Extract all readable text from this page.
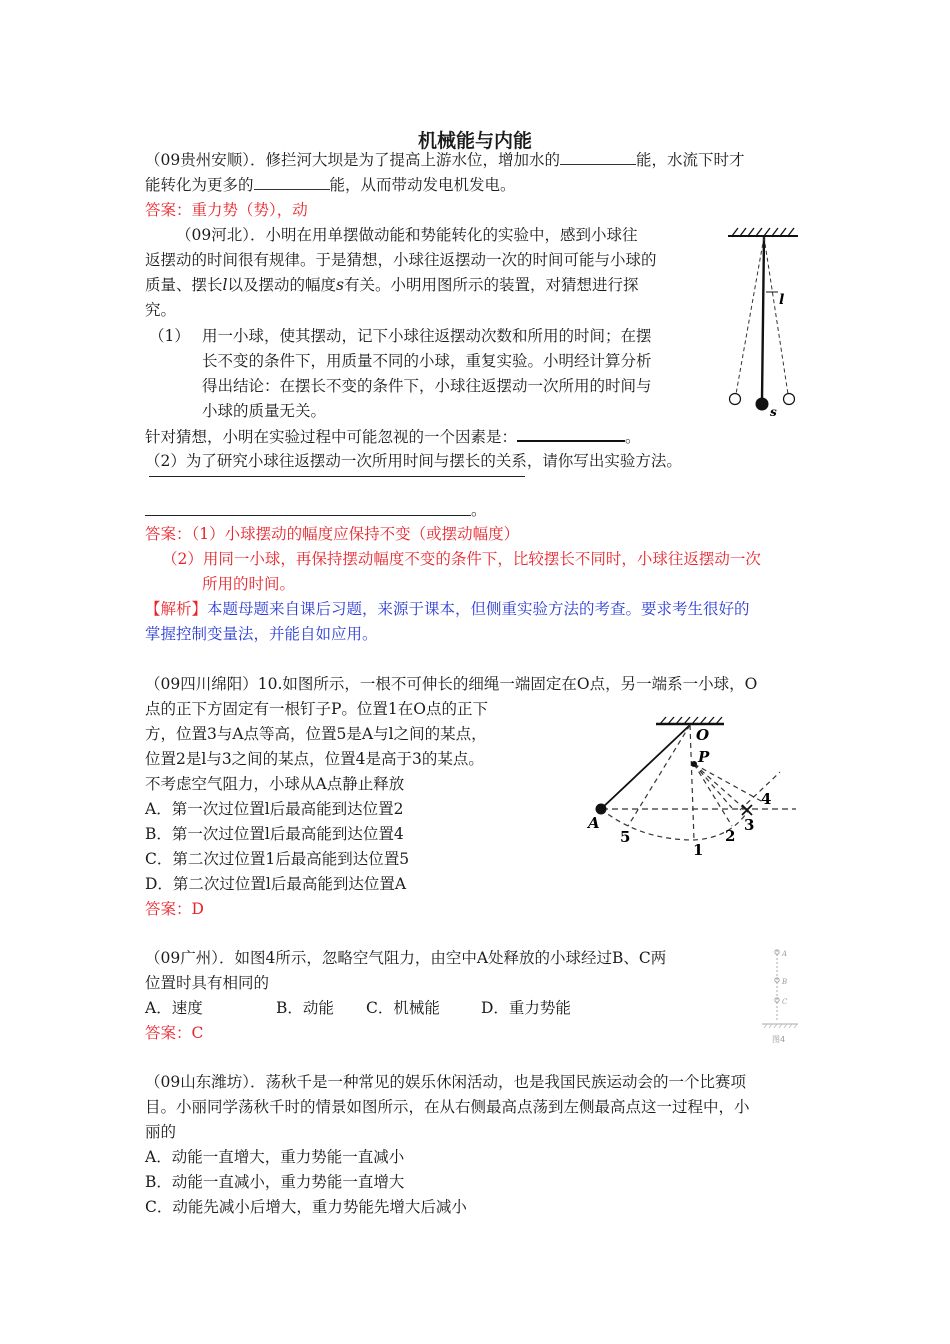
机械能与内能
（09贵州安顺）．修拦河大坝是为了提高上游水位，增加水的	能，水流下时才
能转化为更多的	能，从而带动发电机发电。
答案：重力势（势），动
（09河北）．小明在用单摆做动能和势能转化的实验中，感到小球往
返摆动的时间很有规律。于是猜想，小球往返摆动一次的时间可能与小球的
质量、摆长l以及摆动的幅度s有关。小明用图所示的装置，对猜想进行探
究。
（1） 用一小球，使其摆动，记下小球往返摆动次数和所用的时间；在摆
长不变的条件下，用质量不同的小球，重复实验。小明经计算分析
得出结论：在摆长不变的条件下，小球往返摆动一次所用的时间与
小球的质量无关。
针对猜想，小明在实验过程中可能忽视的一个因素是：	。
（2）为了研究小球往返摆动一次所用时间与摆长的关系，请你写出实验方法。
。
答案：（1）小球摆动的幅度应保持不变（或摆动幅度）
（2）用同一小球，再保持摆动幅度不变的条件下，比较摆长不同时，小球往返摆动一次
所用的时间。
【解析】本题母题来自课后习题，来源于课本，但侧重实验方法的考查。要求考生很好的
掌握控制变量法，并能自如应用。
l
s
（09四川绵阳）10.如图所示，一根不可伸长的细绳一端固定在O点，另一端系一小球，O
点的正下方固定有一根钉子P。位置1在O点的正下
方，位置3与A点等高，位置5是A与l之间的某点，
位置2是l与3之间的某点，位置4是高于3的某点。
不考虑空气阻力，小球从A点静止释放
A．第一次过位置l后最高能到达位置2
B．第一次过位置l后最高能到达位置4
C．第二次过位置1后最高能到达位置5
D．第二次过位置l后最高能到达位置A
答案：D
O
P
A
5
1
2
3
4
（09广州）．如图4所示，忽略空气阻力，由空中A处释放的小球经过B、C两
位置时具有相同的
A．速度	B．动能 C．机械能	D．重力势能
答案：C
A
B
C
图4
（09山东潍坊）．荡秋千是一种常见的娱乐休闲活动，也是我国民族运动会的一个比赛项
目。小丽同学荡秋千时的情景如图所示，在从右侧最高点荡到左侧最高点这一过程中，小
丽的
A．动能一直增大，重力势能一直减小
B．动能一直减小，重力势能一直增大
C．动能先减小后增大，重力势能先增大后减小
